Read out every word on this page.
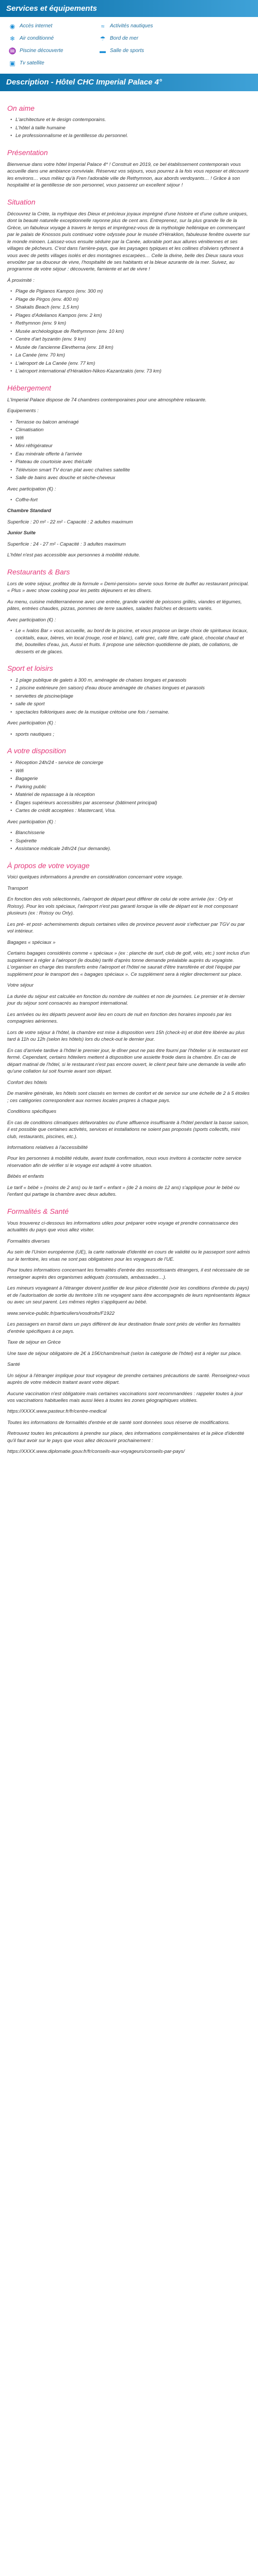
Services et équipements
◉ Accès internet	≈	Activités nautiques
❄ Air conditionné	☂ Bord de mer
♒ Piscine découverte	▬ Salle de sports
▣ Tv satellite
Description - Hôtel CHC Imperial Palace 4°
On aime
• L'architecture et le design contemporains.
• L'hôtel à taille humaine
• Le professionnalisme et la gentillesse du personnel.
Présentation

Bienvenue dans votre hôtel Imperial Palace 4* ! Construit en 2019, ce bel établissement contemporain vous accueille dans une ambiance conviviale. Réservez vos séjours, vous pourrez à la fois vous reposer et découvrir les environs… vous mêlez qu'à Fren l'adorable ville de Rethymnon, aux abords verdoyants… ! Grâce à son hospitalité et la gentillesse de son personnel, vous passerez un excellent séjour !

Situation

Découvrez la Crète, la mythique des Dieux et précieux joyaux imprégné d'une histoire et d'une culture uniques, dont la beauté naturelle exceptionnelle rayonne plus de cent ans. Entreprenez, sur la plus grande île de la Grèce, un fabuleux voyage à travers le temps et imprégnez-vous de la mythologie hellénique en commençant par le palais de Knossos puis continuez votre odyssée pour le musée d'Héraklion, fabuleuse fenêtre ouverte sur le monde minoen. Laissez-vous ensuite séduire par la Canée, adorable port aux allures vénitiennes et ses villages de pêcheurs. C'est dans l'arrière-pays, que les paysages typiques et les collines d'oliviers rythment à vous avec de petits villages isolés et des montagnes escarpées… Celle la divine, belle des Dieux saura vous envoûter par sa douceur de vivre, l'hospitalité de ses habitants et la bleue azurante de la mer. Suivez, au programme de votre séjour : découverte, farniente et art de vivre !

À proximité :

• Plage de Pigianos Kampos (env. 300 m)
• Plage de Pirgos (env. 400 m)
• Shakalis Beach (env. 1,5 km)
• Plages d'Adelianos Kampos (env. 2 km)
• Rethymnon (env. 9 km)
• Musée archéologique de Rethymnon (env. 10 km)
• Centre d'art byzantin (env. 9 km)
• Musée de l'ancienne Elevtherna (env. 18 km)
• La Canée (env. 70 km)
• L'aéroport de La Canée (env. 77 km)
• L'aéroport international d'Héraklion-Nikos-Kazantzakis (env. 73 km)
Hébergement

L'Imperial Palace dispose de 74 chambres contemporaines pour une atmosphère relaxante.

Equipements :

• Terrasse ou balcon aménagé
• Climatisation
• Wifi
• Mini réfrigérateur
• Eau minérale offerte à l'arrivée
• Plateau de courtoisie avec thé/café
• Télévision smart TV écran plat avec chaînes satellite
• Salle de bains avec douche et sèche-cheveux

Avec participation (€) :

• Coffre-fort

Chambre Standard

Superficie : 20 m² - 22 m² - Capacité : 2 adultes maximum

Junior Suite

Superficie : 24 - 27 m² - Capacité : 3 adultes maximum

L'hôtel n'est pas accessible aux personnes à mobilité réduite.

Restaurants & Bars

Lors de votre séjour, profitez de la formule « Demi-pension» servie sous forme de buffet au restaurant principal. « Plus » avec show cooking pour les petits déjeuners et les dîners.

Au menu, cuisine méditerranéenne avec une entrée, grande variété de poissons grillés, viandes et légumes, pâtes, entrées chaudes, pizzas, pommes de terre sautées, salades fraîches et desserts variés.

Avec participation (€) :

• Le « Ivalos Bar » vous accueille, au bord de la piscine, et vous propose un large choix de spiritueux locaux, cocktails, eaux, bières, vin local (rouge, rosé et blanc), café grec, café filtre, café glacé, chocolat chaud et thé, bouteilles d'eau, jus, Aussi et fruits. Il propose une sélection quotidienne de plats, de collations, de desserts et de glaces.
Sport et loisirs
• 1 plage publique de galets à 300 m, aménagée de chaises longues et parasols
• 1 piscine extérieure (en saison) d'eau douce aménagée de chaises longues et parasols
• serviettes de piscine/plage
• salle de sport
• spectacles folkloriques avec de la musique crétoise une fois / semaine.

Avec participation (€) :

• sports nautiques ;
A votre disposition
• Réception 24h/24 - service de concierge
• Wifi
• Bagagerie
• Parking public
• Matériel de repassage à la réception
• Étages supérieurs accessibles par ascenseur (bâtiment principal)
• Cartes de crédit acceptées : Mastercard, Visa.

Avec participation (€) :

• Blanchisserie
• Supérette
• Assistance médicale 24h/24 (sur demande).
À propos de votre voyage

Voici quelques informations à prendre en considération concernant votre voyage.

Transport

En fonction des vols sélectionnés, l'aéroport de départ peut différer de celui de votre arrivée (ex : Orly et Roissy). Pour les vols spéciaux, l'aéroport n'est pas garanti lorsque la ville de départ est le mot composant plusieurs (ex : Roissy ou Orly).

Les pré- et post- acheminements depuis certaines villes de province peuvent avoir s'effectuer par TGV ou par vol intérieur.

Bagages « spéciaux »

Certains bagages considérés comme « spéciaux » (ex : planche de surf, club de golf, vélo, etc.) sont inclus d'un supplément à régler à l'aéroport (le double) tarifé d'après tonne demande préalable auprès du voyagiste. L'organiser en charge des transferts entre l'aéroport et l'hôtel ne saurait d'être transférée et doit l'équipé par supplément pour le transport des « bagages spéciaux ». Ce supplément sera à régler directement sur place.

Votre séjour

La durée du séjour est calculée en fonction du nombre de nuitées et non de journées. Le premier et le dernier jour du séjour sont consacrés au transport international.

Les arrivées ou les départs peuvent avoir lieu en cours de nuit en fonction des horaires imposés par les compagnies aériennes.

Lors de votre séjour à l'hôtel, la chambre est mise à disposition vers 15h (check-in) et doit être libérée au plus tard à 11h ou 12h (selon les hôtels) lors du check-out le dernier jour.

En cas d'arrivée tardive à l'hôtel le premier jour, le dîner peut ne pas être fourni par l'hôtelier si le restaurant est fermé. Cependant, certains hôteliers mettent à disposition une assiette froide dans la chambre. En cas de départ matinal de l'hôtel, si le restaurant n'est pas encore ouvert, le client peut faire une demande la veille afin qu'une collation lui soit fournie avant son départ.

Confort des hôtels

De manière générale, les hôtels sont classés en termes de confort et de service sur une échelle de 2 à 5 étoiles ; ces catégories correspondent aux normes locales propres à chaque pays.

Conditions spécifiques

En cas de conditions climatiques défavorables ou d'une affluence insuffisante à l'hôtel pendant la basse saison, il est possible que certaines activités, services et installations ne soient pas proposés (sports collectifs, mini club, restaurants, piscines, etc.).

Informations relatives à l'accessibilité

Pour les personnes à mobilité réduite, avant toute confirmation, nous vous invitons à contacter notre service réservation afin de vérifier si le voyage est adapté à votre situation.

Bébés et enfants

Le tarif « bébé » (moins de 2 ans) ou le tarif « enfant » (de 2 à moins de 12 ans) s'applique pour le bébé ou l'enfant qui partage la chambre avec deux adultes.

Formalités & Santé

Vous trouverez ci-dessous les informations utiles pour préparer votre voyage et prendre connaissance des actualités du pays que vous allez visiter.

Formalités diverses

Au sein de l'Union européenne (UE), la carte nationale d'identité en cours de validité ou le passeport sont admis sur le territoire, les visas ne sont pas obligatoires pour les voyageurs de l'UE.

Pour toutes informations concernant les formalités d'entrée des ressortissants étrangers, il est nécessaire de se renseigner auprès des organismes adéquats (consulats, ambassades…).

Les mineurs voyageant à l'étranger doivent justifier de leur pièce d'identité (voir les conditions d'entrée du pays) et de l'autorisation de sortie du territoire s'ils ne voyagent sans être accompagnés de leurs représentants légaux ou avec un seul parent. Les mêmes règles s'appliquent au bébé.

www.service-public.fr/particuliers/vosdroits/F1922

Les passagers en transit dans un pays différent de leur destination finale sont priés de vérifier les formalités d'entrée spécifiques à ce pays.

Taxe de séjour en Grèce

Une taxe de séjour obligatoire de 2€ à 15€/chambre/nuit (selon la catégorie de l'hôtel) est à régler sur place.

Santé

Un séjour à l'étranger implique pour tout voyageur de prendre certaines précautions de santé. Renseignez-vous auprès de votre médecin traitant avant votre départ.

Aucune vaccination n'est obligatoire mais certaines vaccinations sont recommandées : rappeler toutes à jour vos vaccinations habituelles mais aussi liées à toutes les zones géographiques visitées.

https://XXXX.www.pasteur.fr/fr/centre-medical

Toutes les informations de formalités d'entrée et de santé sont données sous réserve de modifications.

Retrouvez toutes les précautions à prendre sur place, des informations complémentaires et la pièce d'identité qu'il faut avoir sur le pays que vous allez découvrir prochainement :

https://XXXX.www.diplomatie.gouv.fr/fr/conseils-aux-voyageurs/conseils-par-pays/
